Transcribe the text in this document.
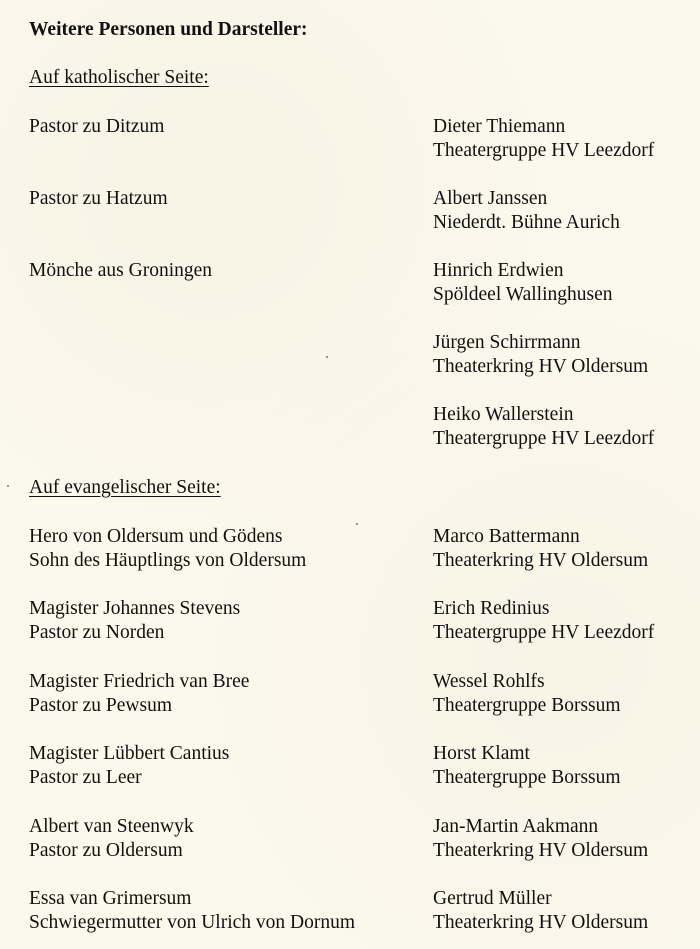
Weitere Personen und Darsteller:
Auf katholischer Seite:
Pastor zu Ditzum
Pastor zu Hatzum
Mönche aus Groningen
Dieter Thiemann
Theatergruppe HV Leezdorf
Albert Janssen
Niederdt. Bühne Aurich
Hinrich Erdwien
Spöldeel Wallinghusen
Jürgen Schirrmann
Theaterkring HV Oldersum
Heiko Wallerstein
Theatergruppe HV Leezdorf
Auf evangelischer Seite:
Hero von Oldersum und Gödens
Sohn des Häuptlings von Oldersum
Magister Johannes Stevens
Pastor zu Norden
Magister Friedrich van Bree
Pastor zu Pewsum
Magister Lübbert Cantius
Pastor zu Leer
Albert van Steenwyk
Pastor zu Oldersum
Essa van Grimersum
Schwiegermutter von Ulrich von Dornum
Marco Battermann
Theaterkring HV Oldersum
Erich Redinius
Theatergruppe HV Leezdorf
Wessel Rohlfs
Theatergruppe Borssum
Horst Klamt
Theatergruppe Borssum
Jan-Martin Aakmann
Theaterkring HV Oldersum
Gertrud Müller
Theaterkring HV Oldersum
